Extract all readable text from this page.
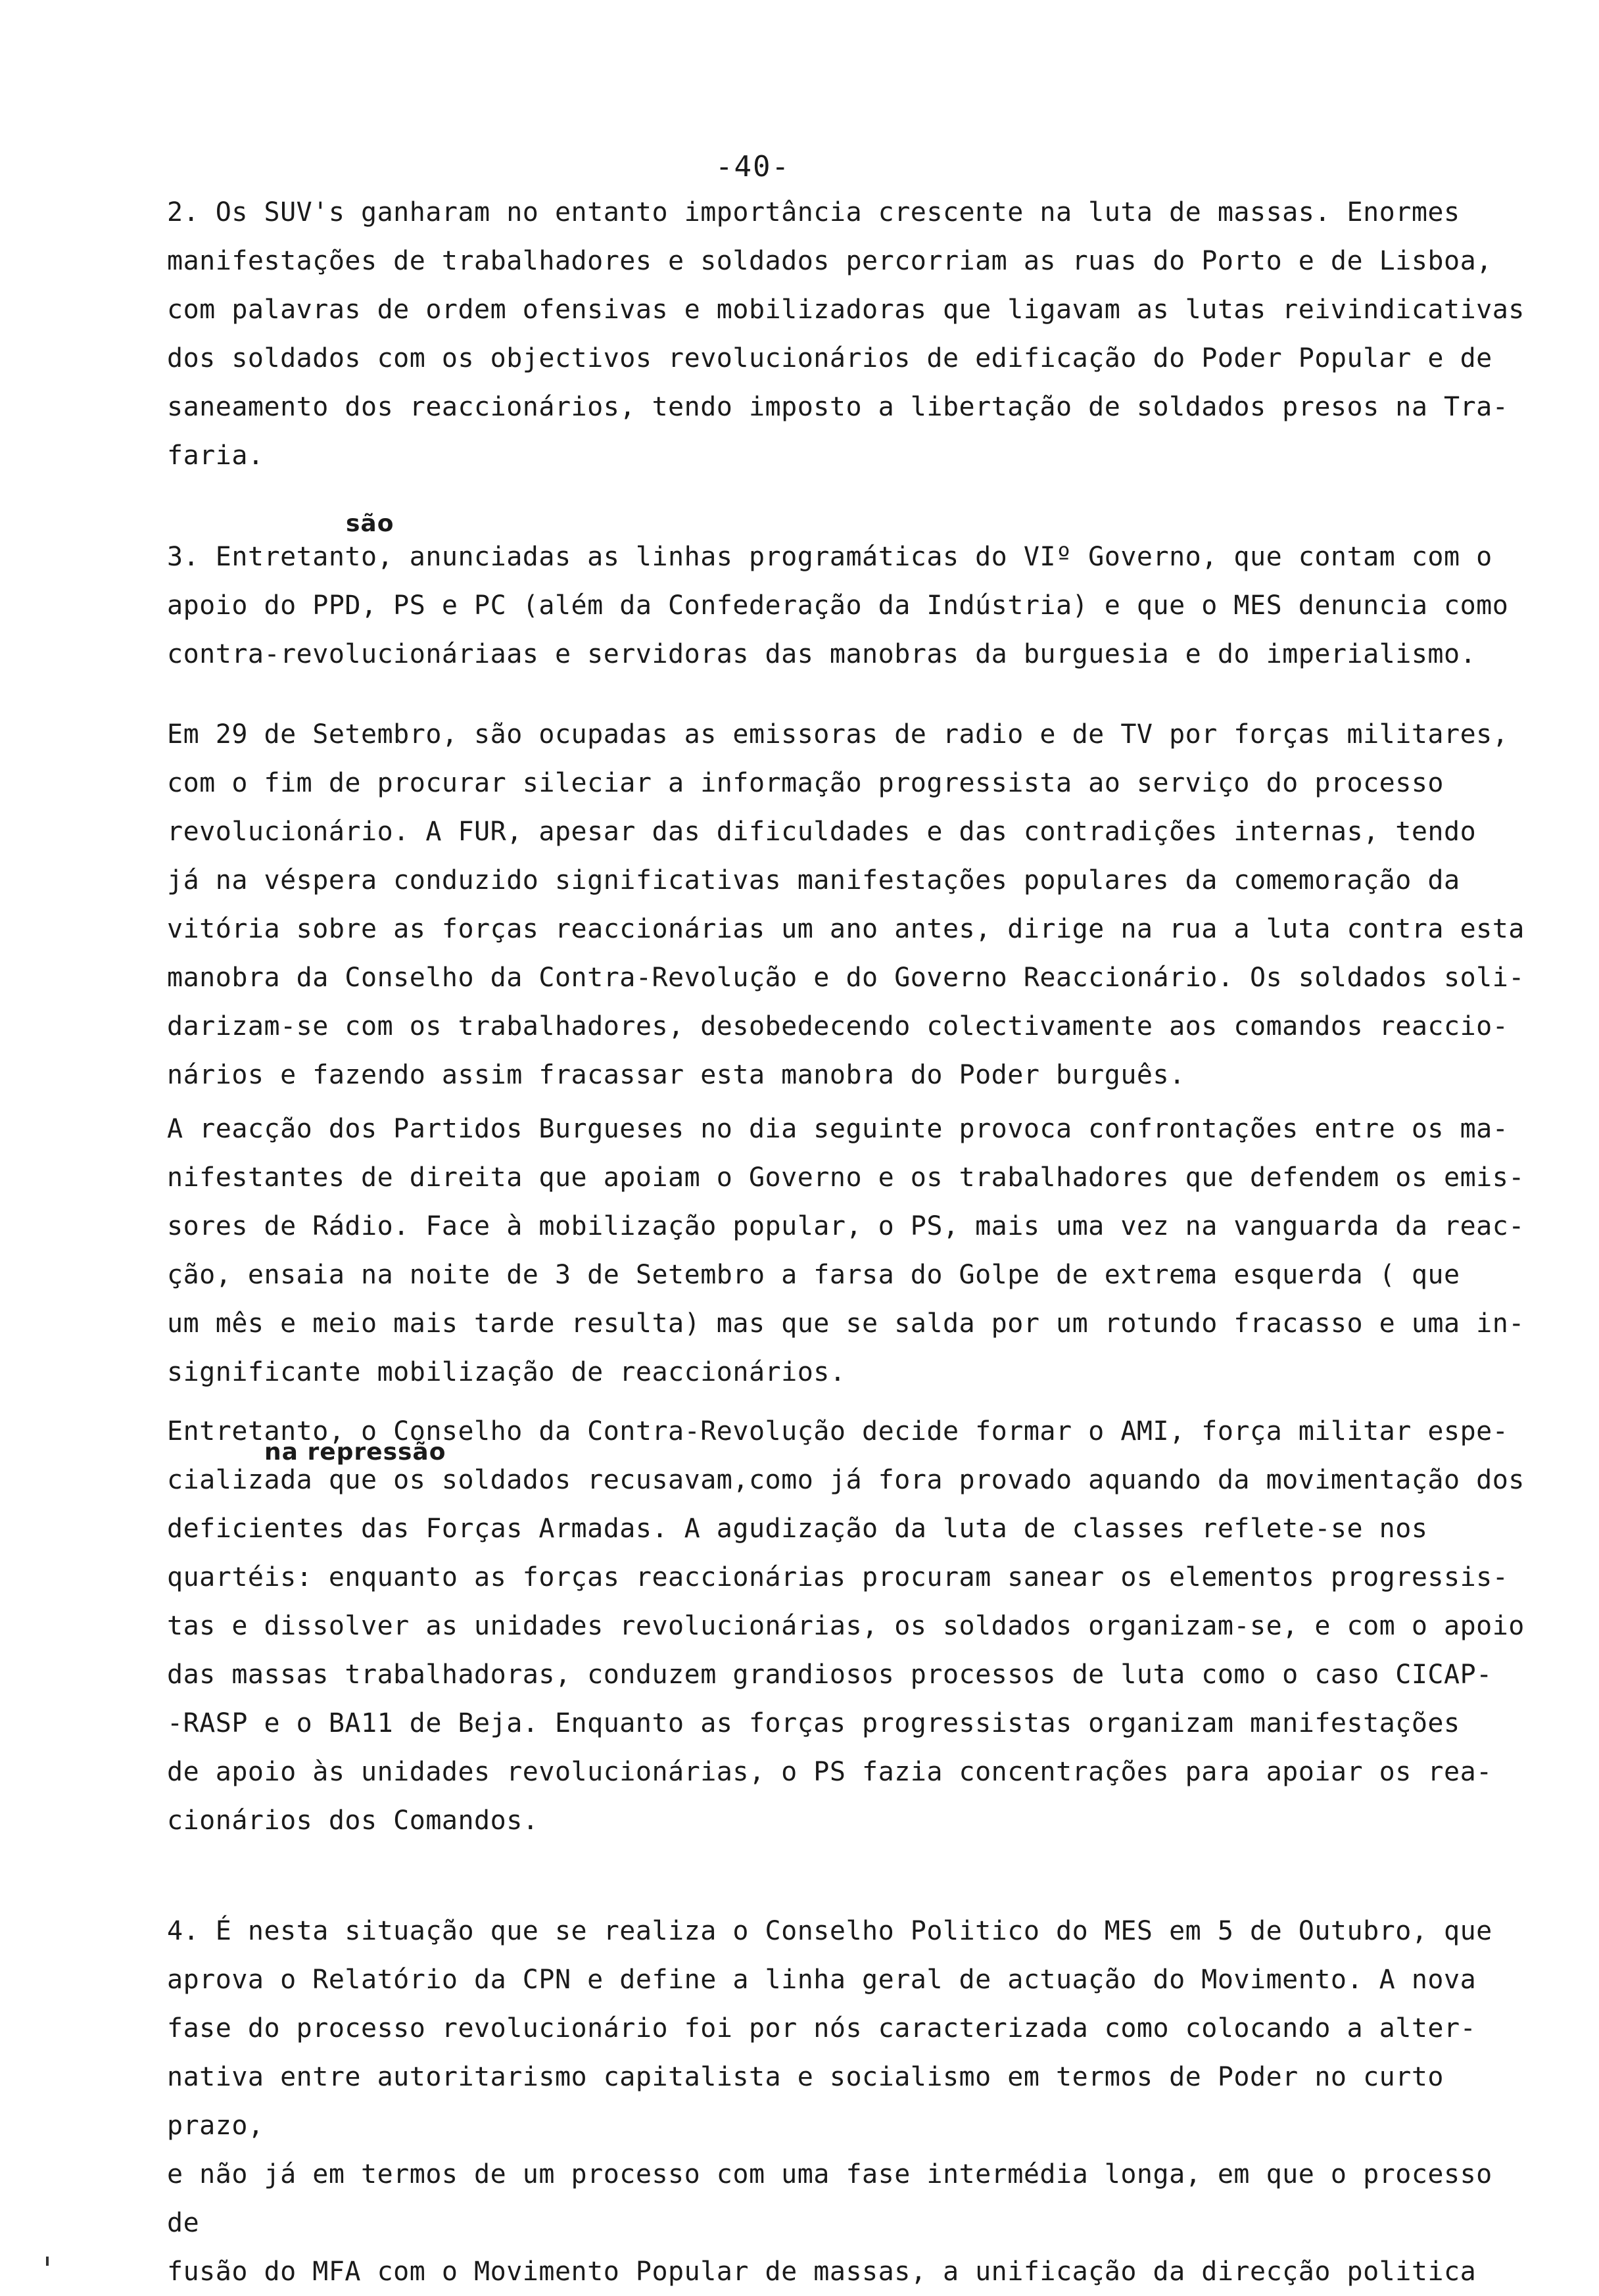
-40-
2. Os SUV's ganharam no entanto importância crescente na luta de massas. Enormes
manifestações de trabalhadores e soldados percorriam as ruas do Porto e de Lisboa,
com palavras de ordem ofensivas e mobilizadoras que ligavam as lutas reivindicativas
dos soldados com os objectivos revolucionários de edificação do Poder Popular e de
saneamento dos reaccionários, tendo imposto a libertação de soldados presos na Tra-
faria.
são
3. Entretanto, anunciadas as linhas programáticas do VIº Governo, que contam com o
apoio do PPD, PS e PC (além da Confederação da Indústria) e que o MES denuncia como
contra-revolucionáriaas e servidoras das manobras da burguesia e do imperialismo.
Em 29 de Setembro, são ocupadas as emissoras de radio e de TV por forças militares,
com o fim de procurar sileciar a informação progressista ao serviço do processo
revolucionário. A FUR, apesar das dificuldades e das contradições internas, tendo
já na véspera conduzido significativas manifestações populares da comemoração da
vitória sobre as forças reaccionárias um ano antes, dirige na rua a luta contra esta
manobra da Conselho da Contra-Revolução e do Governo Reaccionário. Os soldados soli-
darizam-se com os trabalhadores, desobedecendo colectivamente aos comandos reaccio-
nários e fazendo assim fracassar esta manobra do Poder burguês.
A reacção dos Partidos Burgueses no dia seguinte provoca confrontações entre os ma-
nifestantes de direita que apoiam o Governo e os trabalhadores que defendem os emis-
sores de Rádio. Face à mobilização popular, o PS, mais uma vez na vanguarda da reac-
ção, ensaia na noite de 3 de Setembro a farsa do Golpe de extrema esquerda ( que
um mês e meio mais tarde resulta) mas que se salda por um rotundo fracasso e uma in-
significante mobilização de reaccionários.
na repressão
Entretanto, o Conselho da Contra-Revolução decide formar o AMI, força militar espe-
cializada que os soldados recusavam,como já fora provado aquando da movimentação dos
deficientes das Forças Armadas. A agudização da luta de classes reflete-se nos
quartéis: enquanto as forças reaccionárias procuram sanear os elementos progressis-
tas e dissolver as unidades revolucionárias, os soldados organizam-se, e com o apoio
das massas trabalhadoras, conduzem grandiosos processos de luta como o caso CICAP-
-RASP e o BA11 de Beja. Enquanto as forças progressistas organizam manifestações
de apoio às unidades revolucionárias, o PS fazia concentrações para apoiar os rea-
cionários dos Comandos.
4. É nesta situação que se realiza o Conselho Politico do MES em 5 de Outubro, que
aprova o Relatório da CPN e define a linha geral de actuação do Movimento. A nova
fase do processo revolucionário foi por nós caracterizada como colocando a alter-
nativa entre autoritarismo capitalista e socialismo em termos de Poder no curto prazo,
e não já em termos de um processo com uma fase intermédia longa, em que o processo de
fusão do MFA com o Movimento Popular de massas, a unificação da direcção politica
